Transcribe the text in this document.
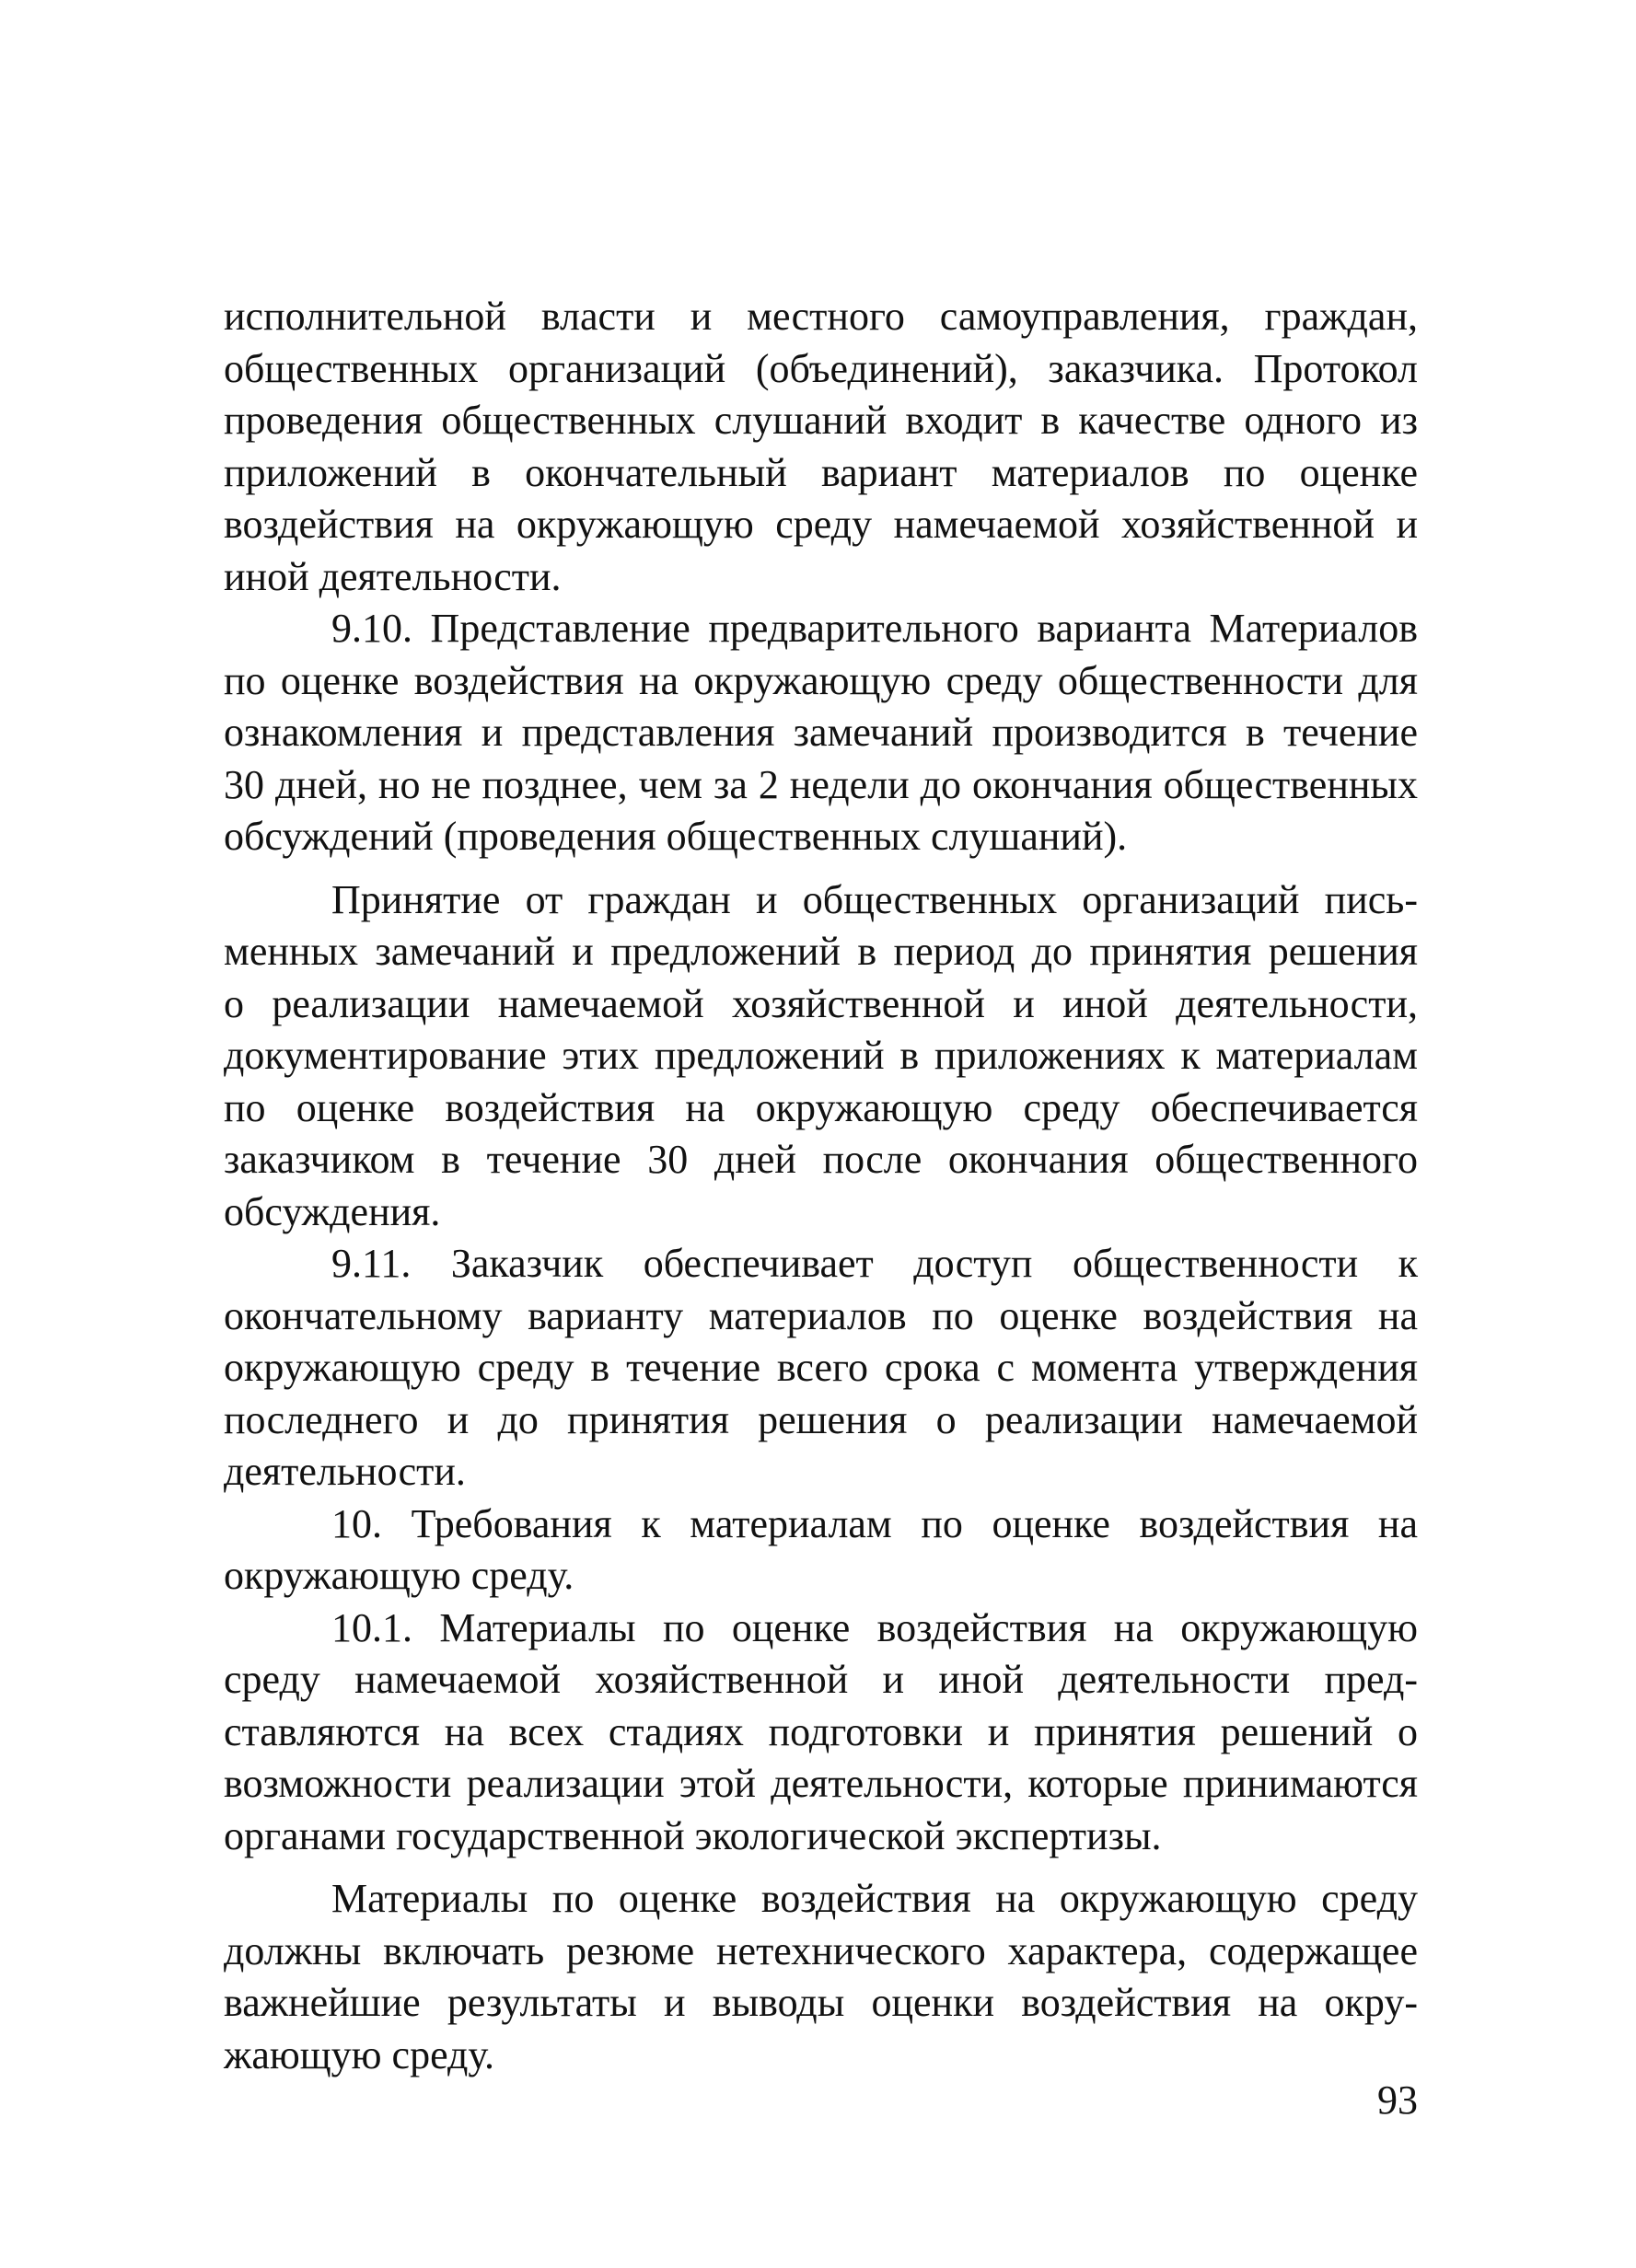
исполнительной власти и местного самоуправления, граждан,
общественных организаций (объединений), заказчика. Протокол
проведения общественных слушаний входит в качестве одного из
приложений в окончательный вариант материалов по оценке
воздействия на окружающую среду намечаемой хозяйственной и
иной деятельности.

9.10. Представление предварительного варианта Материалов
по оценке воздействия на окружающую среду общественности для
ознакомления и представления замечаний производится в течение
30 дней, но не позднее, чем за 2 недели до окончания общественных
обсуждений (проведения общественных слушаний).

Принятие от граждан и общественных организаций пись-
менных замечаний и предложений в период до принятия решения
о реализации намечаемой хозяйственной и иной деятельности,
документирование этих предложений в приложениях к материалам
по оценке воздействия на окружающую среду обеспечивается
заказчиком в течение 30 дней после окончания общественного
обсуждения.

9.11. Заказчик обеспечивает доступ общественности к
окончательному варианту материалов по оценке воздействия на
окружающую среду в течение всего срока с момента утверждения
последнего и до принятия решения о реализации намечаемой
деятельности.

10. Требования к материалам по оценке воздействия на
окружающую среду.

10.1. Материалы по оценке воздействия на окружающую
среду намечаемой хозяйственной и иной деятельности пред-
ставляются на всех стадиях подготовки и принятия решений о
возможности реализации этой деятельности, которые принимаются
органами государственной экологической экспертизы.

Материалы по оценке воздействия на окружающую среду
должны включать резюме нетехнического характера, содержащее
важнейшие результаты и выводы оценки воздействия на окру-
жающую среду.

93
